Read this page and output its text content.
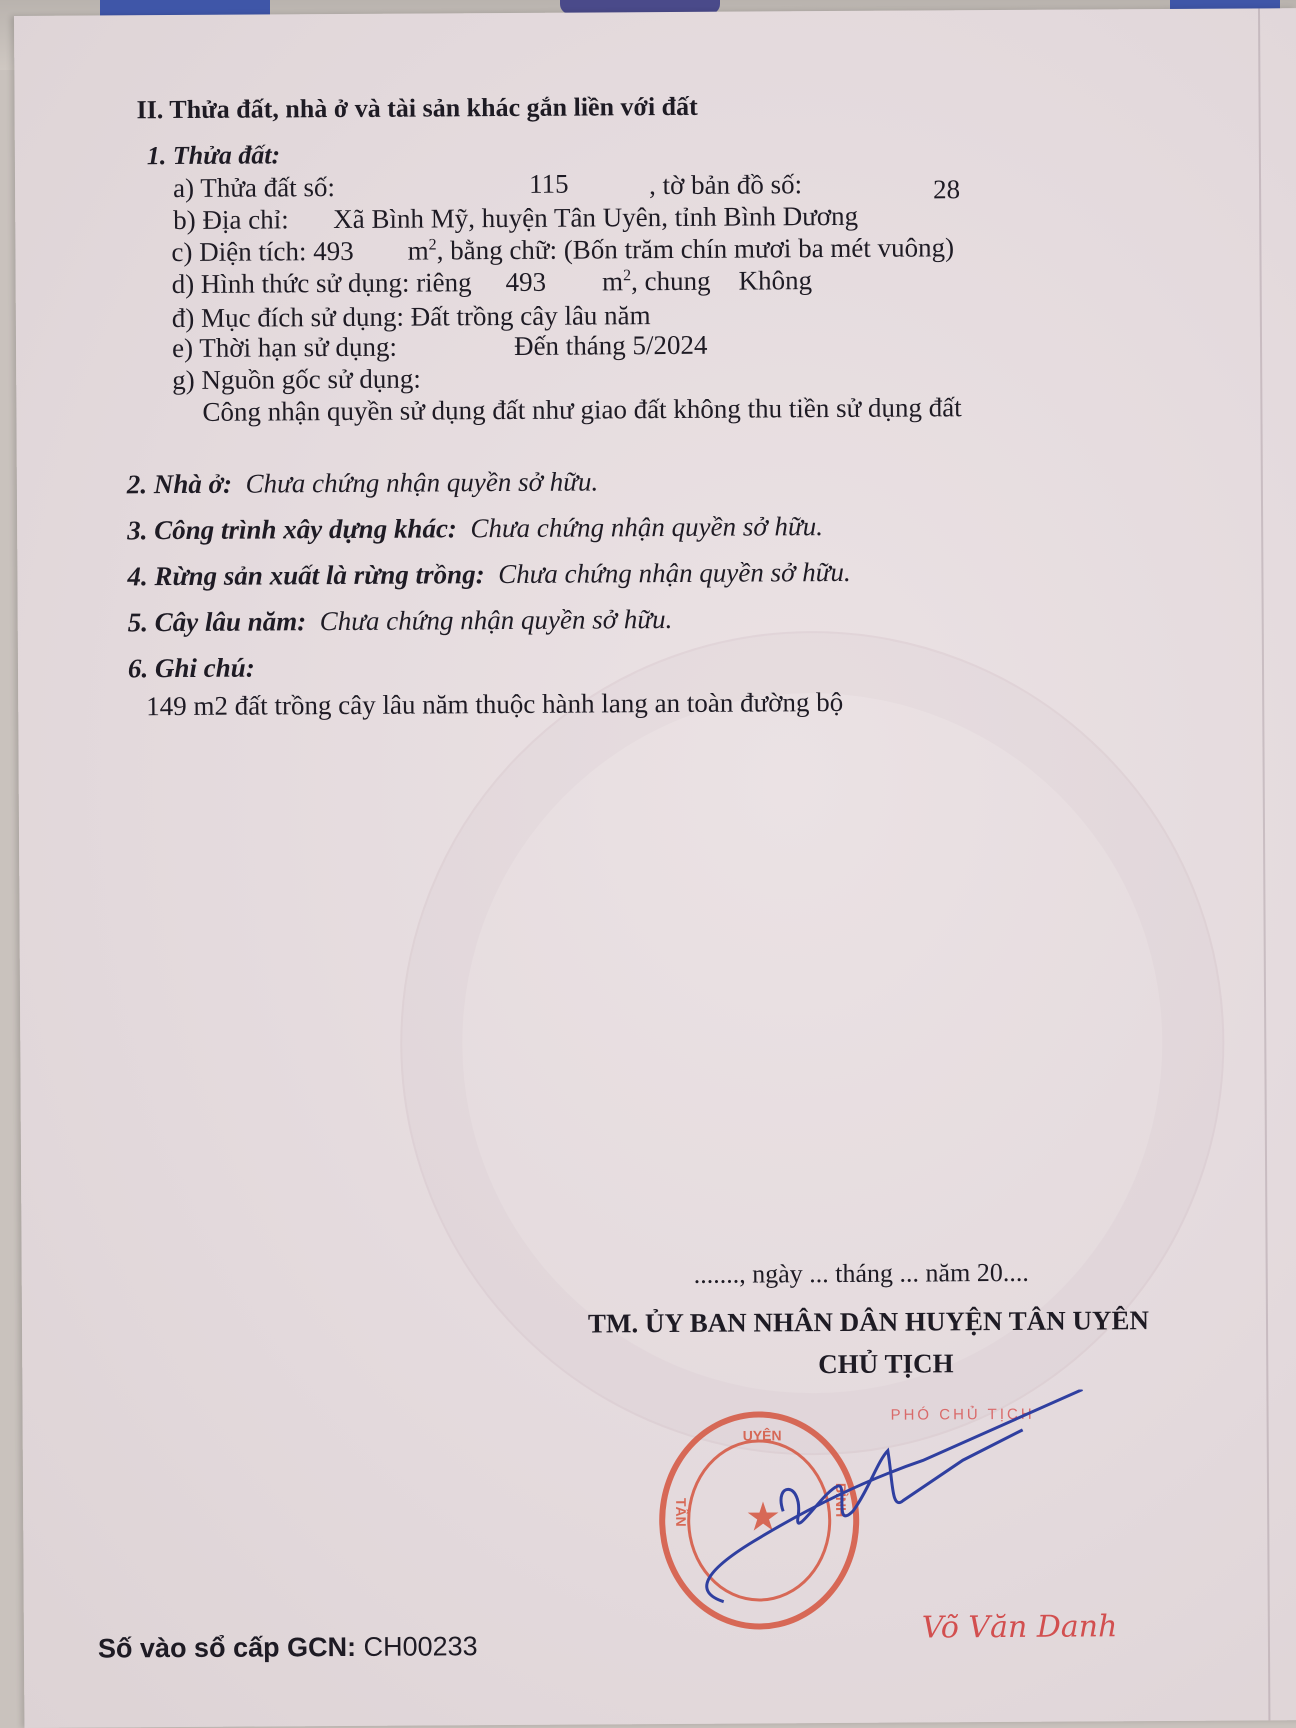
II. Thửa đất, nhà ở và tài sản khác gắn liền với đất
1. Thửa đất:
a) Thửa đất số:	115	, tờ bản đồ số:	28
b) Địa chỉ: Xã Bình Mỹ, huyện Tân Uyên, tỉnh Bình Dương
c) Diện tích: 493 $m^2$, bằng chữ: (Bốn trăm chín mươi ba mét vuông)
d) Hình thức sử dụng: riêng 493 $m^2$, chung Không
đ) Mục đích sử dụng: Đất trồng cây lâu năm
e) Thời hạn sử dụng:	Đến tháng 5/2024
g) Nguồn gốc sử dụng:
Công nhận quyền sử dụng đất như giao đất không thu tiền sử dụng đất
2. Nhà ở: Chưa chứng nhận quyền sở hữu.
3. Công trình xây dựng khác: Chưa chứng nhận quyền sở hữu.
4. Rừng sản xuất là rừng trồng: Chưa chứng nhận quyền sở hữu.
5. Cây lâu năm: Chưa chứng nhận quyền sở hữu.
6. Ghi chú:
149 m2 đất trồng cây lâu năm thuộc hành lang an toàn đường bộ
......., ngày ... tháng ... năm 20....
TM. ỦY BAN NHÂN DÂN HUYỆN TÂN UYÊN
CHỦ TỊCH
PHÓ CHỦ TỊCH
★
UYÊN
TÂN	BÌNH
Võ Văn Danh
Số vào sổ cấp GCN: CH00233
